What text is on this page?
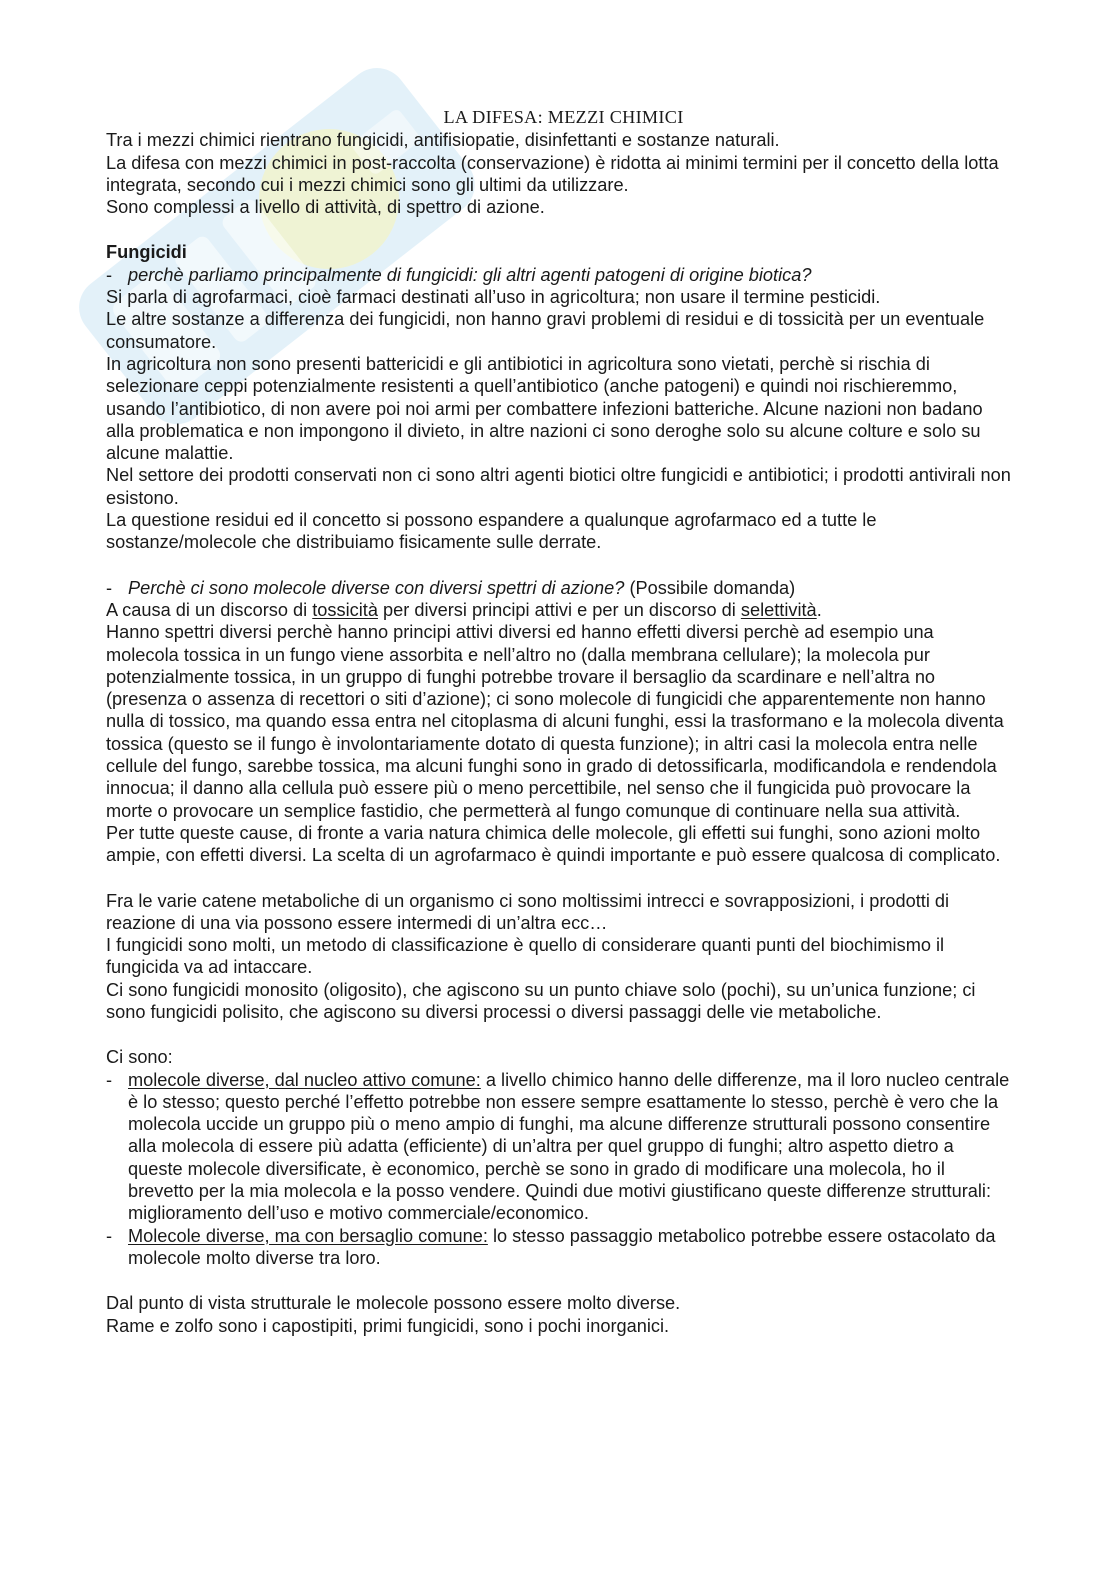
LA DIFESA: MEZZI CHIMICI

Tra i mezzi chimici rientrano fungicidi, antifisiopatie, disinfettanti e sostanze naturali.

La difesa con mezzi chimici in post-raccolta (conservazione) è ridotta ai minimi termini per il concetto della lotta integrata, secondo cui i mezzi chimici sono gli ultimi da utilizzare.

Sono complessi a livello di attività, di spettro di azione.

Fungicidi

- perchè parliamo principalmente di fungicidi: gli altri agenti patogeni di origine biotica?

Si parla di agrofarmaci, cioè farmaci destinati all’uso in agricoltura; non usare il termine pesticidi.

Le altre sostanze a differenza dei fungicidi, non hanno gravi problemi di residui e di tossicità per un eventuale consumatore.

In agricoltura non sono presenti battericidi e gli antibiotici in agricoltura sono vietati, perchè si rischia di selezionare ceppi potenzialmente resistenti a quell’antibiotico (anche patogeni) e quindi noi rischieremmo, usando l’antibiotico, di non avere poi noi armi per combattere infezioni batteriche. Alcune nazioni non badano alla problematica e non impongono il divieto, in altre nazioni ci sono deroghe solo su alcune colture e solo su alcune malattie.

Nel settore dei prodotti conservati non ci sono altri agenti biotici oltre fungicidi e antibiotici; i prodotti antivirali non esistono.

La questione residui ed il concetto si possono espandere a qualunque agrofarmaco ed a tutte le sostanze/molecole che distribuiamo fisicamente sulle derrate.

- Perchè ci sono molecole diverse con diversi spettri di azione? (Possibile domanda)

A causa di un discorso di tossicità per diversi principi attivi e per un discorso di selettività.

Hanno spettri diversi perchè hanno principi attivi diversi ed hanno effetti diversi perchè ad esempio una molecola tossica in un fungo viene assorbita e nell’altro no (dalla membrana cellulare); la molecola pur potenzialmente tossica, in un gruppo di funghi potrebbe trovare il bersaglio da scardinare e nell’altra no (presenza o assenza di recettori o siti d’azione); ci sono molecole di fungicidi che apparentemente non hanno nulla di tossico, ma quando essa entra nel citoplasma di alcuni funghi, essi la trasformano e la molecola diventa tossica (questo se il fungo è involontariamente dotato di questa funzione); in altri casi la molecola entra nelle cellule del fungo, sarebbe tossica, ma alcuni funghi sono in grado di detossificarla, modificandola e rendendola innocua; il danno alla cellula può essere più o meno percettibile, nel senso che il fungicida può provocare la morte o provocare un semplice fastidio, che permetterà al fungo comunque di continuare nella sua attività.

Per tutte queste cause, di fronte a varia natura chimica delle molecole, gli effetti sui funghi, sono azioni molto ampie, con effetti diversi. La scelta di un agrofarmaco è quindi importante e può essere qualcosa di complicato.

Fra le varie catene metaboliche di un organismo ci sono moltissimi intrecci e sovrapposizioni, i prodotti di reazione di una via possono essere intermedi di un’altra ecc…

I fungicidi sono molti, un metodo di classificazione è quello di considerare quanti punti del biochimismo il fungicida va ad intaccare.

Ci sono fungicidi monosito (oligosito), che agiscono su un punto chiave solo (pochi), su un’unica funzione; ci sono fungicidi polisito, che agiscono su diversi processi o diversi passaggi delle vie metaboliche.

Ci sono:

- molecole diverse, dal nucleo attivo comune: a livello chimico hanno delle differenze, ma il loro nucleo centrale è lo stesso; questo perché l’effetto potrebbe non essere sempre esattamente lo stesso, perchè è vero che la molecola uccide un gruppo più o meno ampio di funghi, ma alcune differenze strutturali possono consentire alla molecola di essere più adatta (efficiente) di un’altra per quel gruppo di funghi; altro aspetto dietro a queste molecole diversificate, è economico, perchè se sono in grado di modificare una molecola, ho il brevetto per la mia molecola e la posso vendere. Quindi due motivi giustificano queste differenze strutturali: miglioramento dell’uso e motivo commerciale/economico.
- Molecole diverse, ma con bersaglio comune: lo stesso passaggio metabolico potrebbe essere ostacolato da molecole molto diverse tra loro.

Dal punto di vista strutturale le molecole possono essere molto diverse.

Rame e zolfo sono i capostipiti, primi fungicidi, sono i pochi inorganici.
